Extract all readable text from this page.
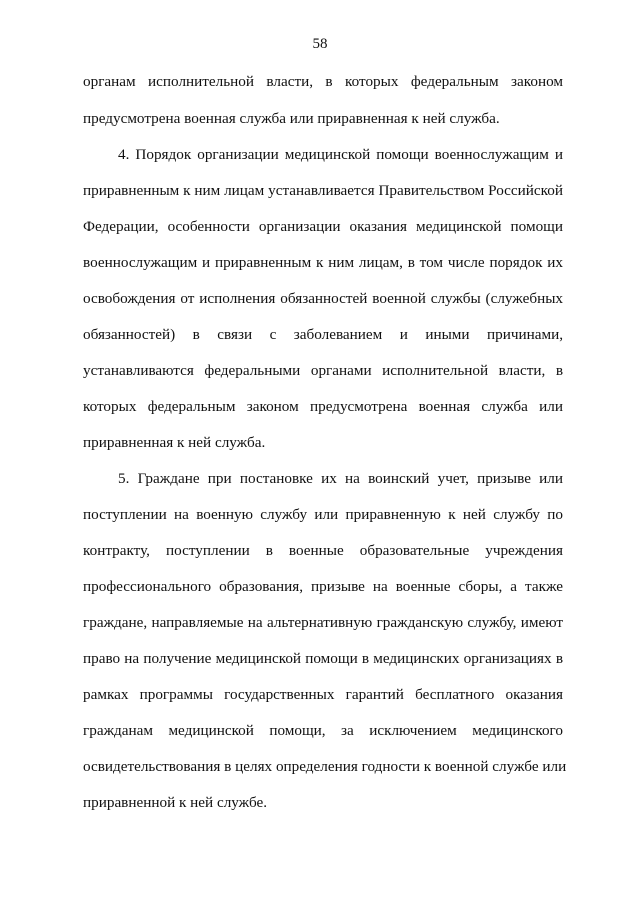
58
органам исполнительной власти, в которых федеральным законом
предусмотрена военная служба или приравненная к ней служба.
4. Порядок организации медицинской помощи военнослужащим и
приравненным к ним лицам устанавливается Правительством Российской
Федерации, особенности организации оказания медицинской помощи
военнослужащим и приравненным к ним лицам, в том числе порядок их
освобождения от исполнения обязанностей военной службы (служебных
обязанностей) в связи с заболеванием и иными причинами,
устанавливаются федеральными органами исполнительной власти, в
которых федеральным законом предусмотрена военная служба или
приравненная к ней служба.
5. Граждане при постановке их на воинский учет, призыве или
поступлении на военную службу или приравненную к ней службу по
контракту, поступлении в военные образовательные учреждения
профессионального образования, призыве на военные сборы, а также
граждане, направляемые на альтернативную гражданскую службу, имеют
право на получение медицинской помощи в медицинских организациях в
рамках программы государственных гарантий бесплатного оказания
гражданам медицинской помощи, за исключением медицинского
освидетельствования в целях определения годности к военной службе или
приравненной к ней службе.
